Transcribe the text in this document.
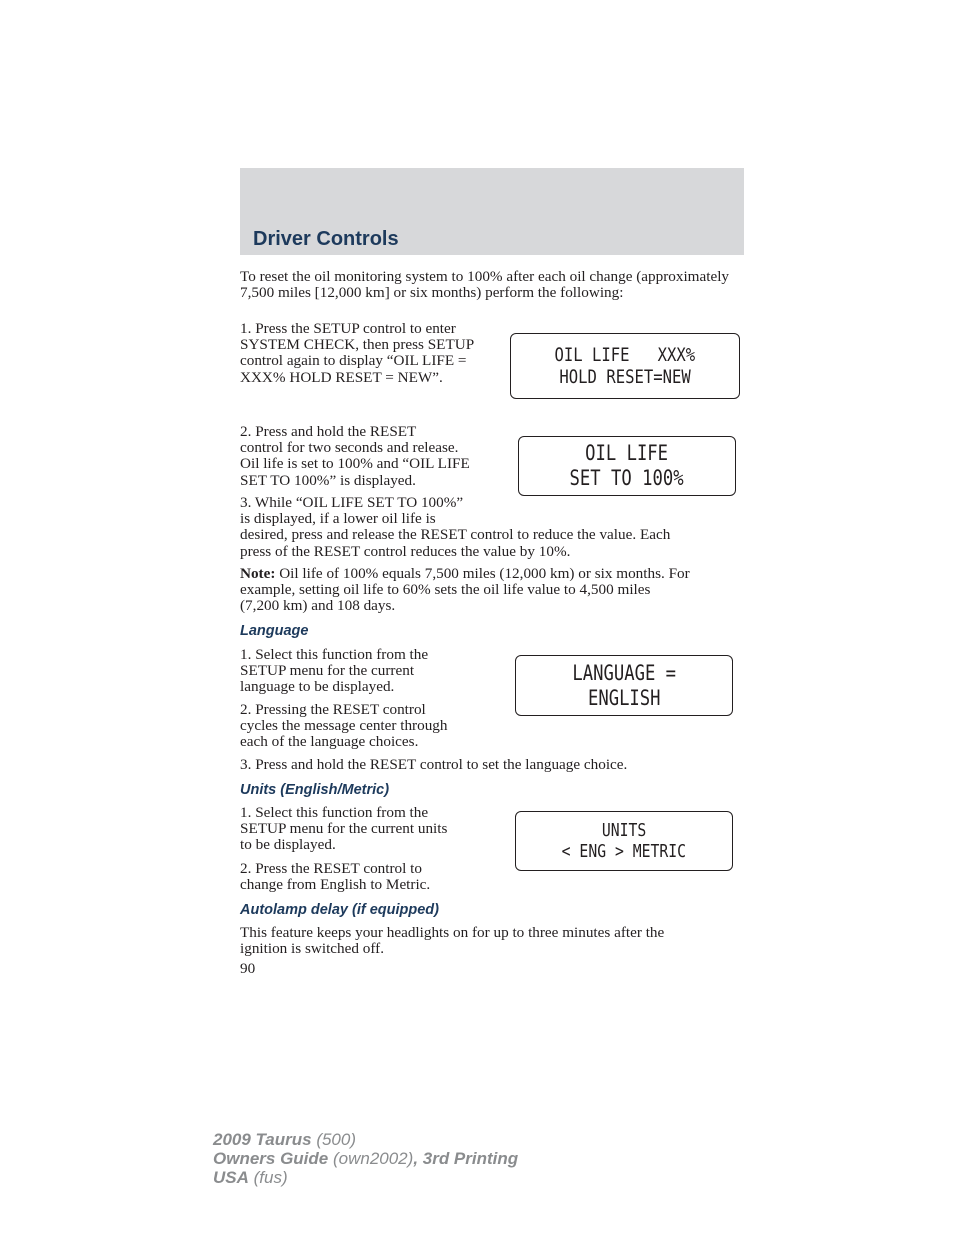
Driver Controls
To reset the oil monitoring system to 100% after each oil change (approximately 7,500 miles [12,000 km] or six months) perform the following:
1. Press the SETUP control to enter
SYSTEM CHECK, then press SETUP
control again to display “OIL LIFE =
XXX% HOLD RESET = NEW”.
OIL LIFE   XXX%
HOLD RESET=NEW
2. Press and hold the RESET
control for two seconds and release.
Oil life is set to 100% and “OIL LIFE
SET TO 100%” is displayed.
OIL LIFE
SET TO 100%
3. While “OIL LIFE SET TO 100%”
is displayed, if a lower oil life is
desired, press and release the RESET control to reduce the value. Each
press of the RESET control reduces the value by 10%.
Note: Oil life of 100% equals 7,500 miles (12,000 km) or six months. For
example, setting oil life to 60% sets the oil life value to 4,500 miles
(7,200 km) and 108 days.
Language
1. Select this function from the
SETUP menu for the current
language to be displayed.
2. Pressing the RESET control
cycles the message center through
each of the language choices.
3. Press and hold the RESET control to set the language choice.
LANGUAGE =
ENGLISH
Units (English/Metric)
1. Select this function from the
SETUP menu for the current units
to be displayed.
2. Press the RESET control to
change from English to Metric.
UNITS
< ENG > METRIC
Autolamp delay (if equipped)
This feature keeps your headlights on for up to three minutes after the
ignition is switched off.
90
2009 Taurus (500)
Owners Guide (own2002), 3rd Printing
USA (fus)
